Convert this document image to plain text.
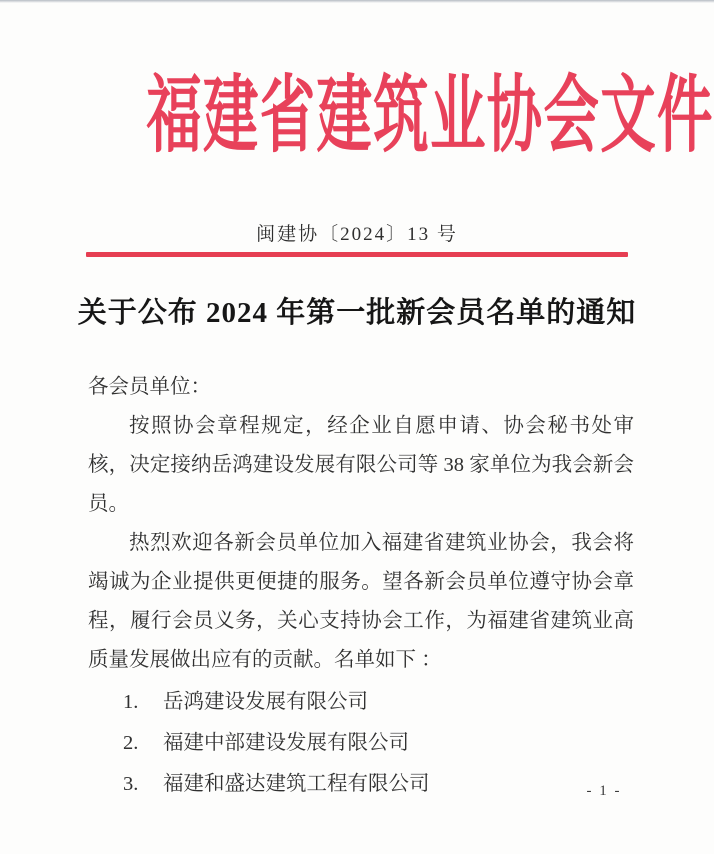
福建省建筑业协会文件
闽建协〔2024〕13 号
关于公布 2024 年第一批新会员名单的通知

各会员单位：

按照协会章程规定，经企业自愿申请、协会秘书处审核，决定接纳岳鸿建设发展有限公司等 38 家单位为我会新会员。

热烈欢迎各新会员单位加入福建省建筑业协会，我会将竭诚为企业提供更便捷的服务。望各新会员单位遵守协会章程，履行会员义务，关心支持协会工作，为福建省建筑业高质量发展做出应有的贡献。名单如下 ：

1.	岳鸿建设发展有限公司
2.	福建中部建设发展有限公司
3.	福建和盛达建筑工程有限公司	- 1 -
